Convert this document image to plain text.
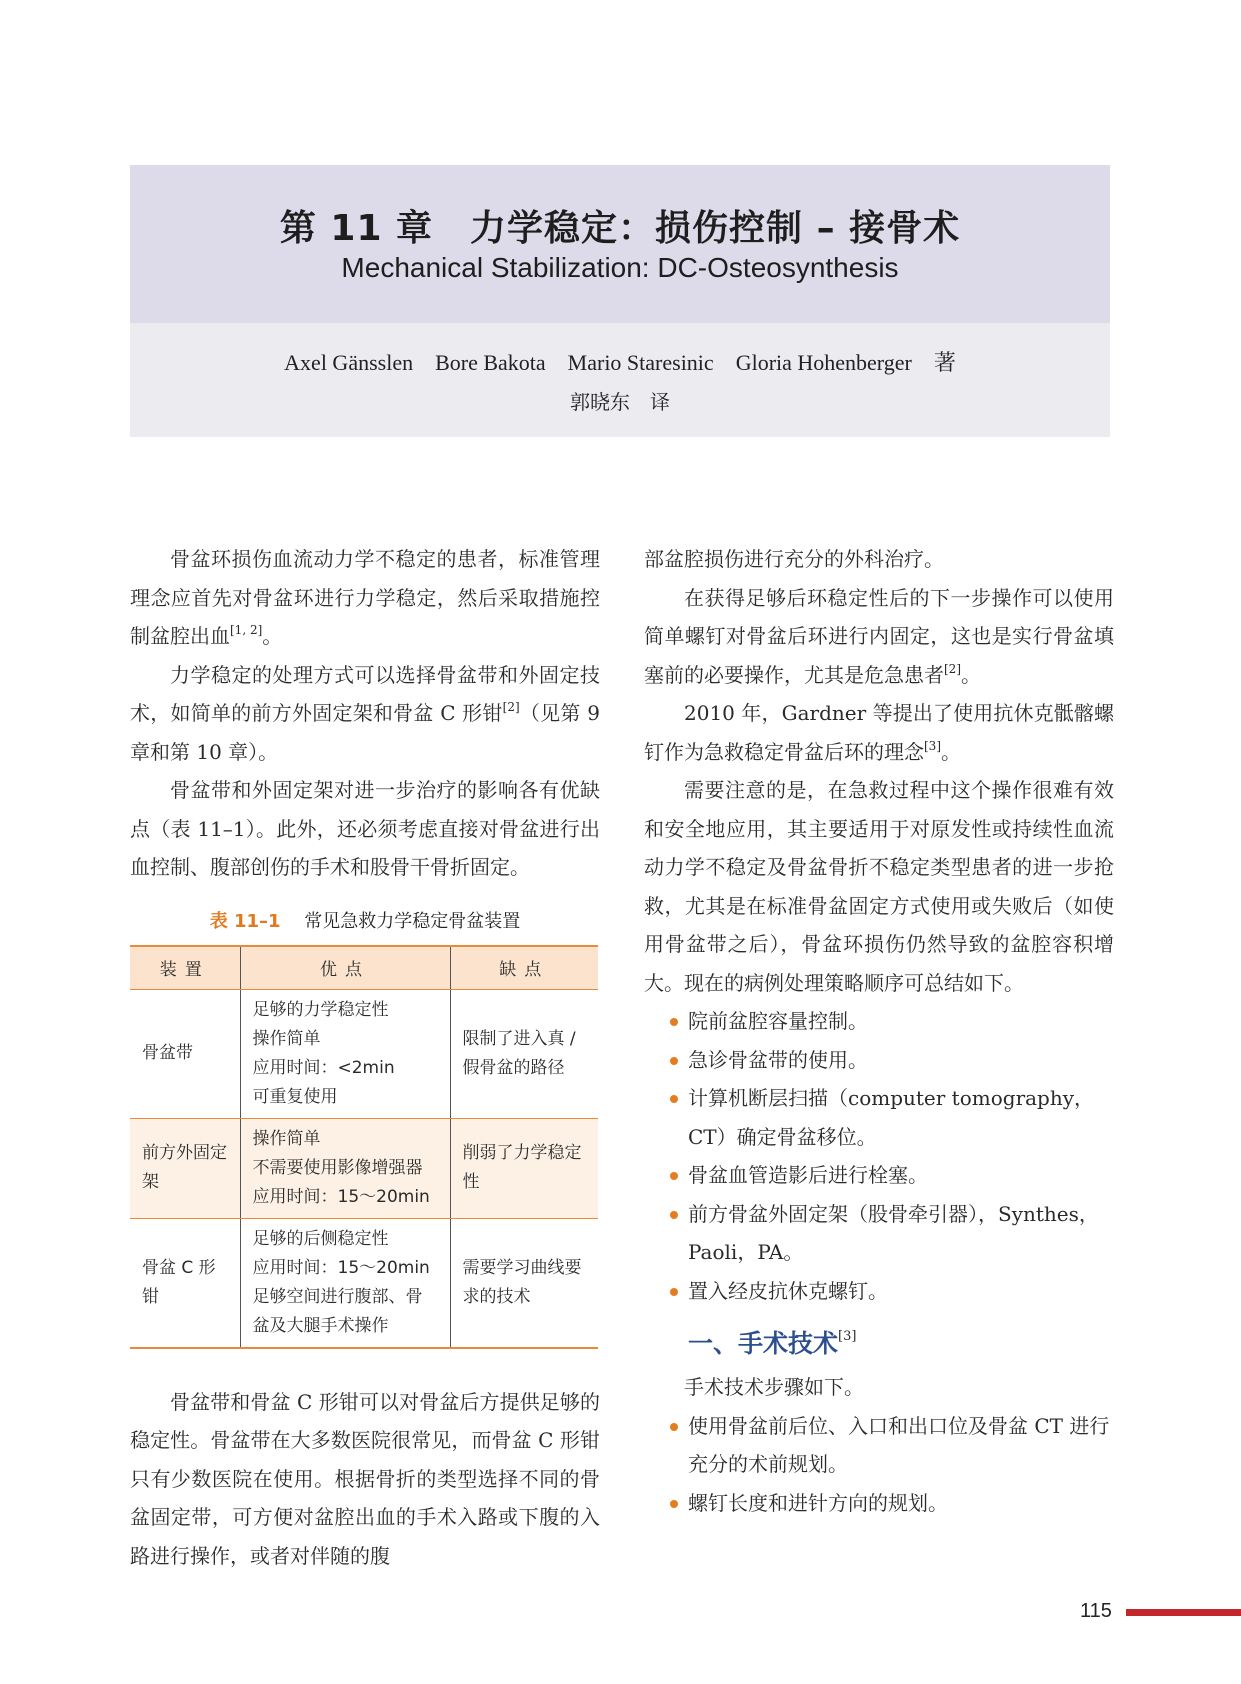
第 11 章　力学稳定：损伤控制 – 接骨术
Mechanical Stabilization: DC-Osteosynthesis
Axel Gänsslen    Bore Bakota    Mario Staresinic    Gloria Hohenberger    著
郭晓东　译

骨盆环损伤血流动力学不稳定的患者，标准管理理念应首先对骨盆环进行力学稳定，然后采取措施控制盆腔出血[1, 2]。

力学稳定的处理方式可以选择骨盆带和外固定技术，如简单的前方外固定架和骨盆 C 形钳[2]（见第 9 章和第 10 章）。

骨盆带和外固定架对进一步治疗的影响各有优缺点（表 11–1）。此外，还必须考虑直接对骨盆进行出血控制、腹部创伤的手术和股骨干骨折固定。

表 11–1　 常见急救力学稳定骨盆装置
装置	优点	缺点
骨盆带	足够的力学稳定性
操作简单
应用时间：<2min
可重复使用	限制了进入真 / 假骨盆的路径
前方外固定架	操作简单
不需要使用影像增强器
应用时间：15～20min	削弱了力学稳定性
骨盆 C 形钳	足够的后侧稳定性
应用时间：15～20min
足够空间进行腹部、骨
盆及大腿手术操作	需要学习曲线要求的技术

骨盆带和骨盆 C 形钳可以对骨盆后方提供足够的稳定性。骨盆带在大多数医院很常见，而骨盆 C 形钳只有少数医院在使用。根据骨折的类型选择不同的骨盆固定带，可方便对盆腔出血的手术入路或下腹的入路进行操作，或者对伴随的腹

部盆腔损伤进行充分的外科治疗。

在获得足够后环稳定性后的下一步操作可以使用简单螺钉对骨盆后环进行内固定，这也是实行骨盆填塞前的必要操作，尤其是危急患者[2]。

2010 年，Gardner 等提出了使用抗休克骶髂螺钉作为急救稳定骨盆后环的理念[3]。

需要注意的是，在急救过程中这个操作很难有效和安全地应用，其主要适用于对原发性或持续性血流动力学不稳定及骨盆骨折不稳定类型患者的进一步抢救，尤其是在标准骨盆固定方式使用或失败后（如使用骨盆带之后），骨盆环损伤仍然导致的盆腔容积增大。现在的病例处理策略顺序可总结如下。

院前盆腔容量控制。
急诊骨盆带的使用。
计算机断层扫描（computer tomography，CT）确定骨盆移位。
骨盆血管造影后进行栓塞。
前方骨盆外固定架（股骨牵引器），Synthes，Paoli，PA。
置入经皮抗休克螺钉。
一、手术技术[3]

手术技术步骤如下。

使用骨盆前后位、入口和出口位及骨盆 CT 进行充分的术前规划。
螺钉长度和进针方向的规划。
115
